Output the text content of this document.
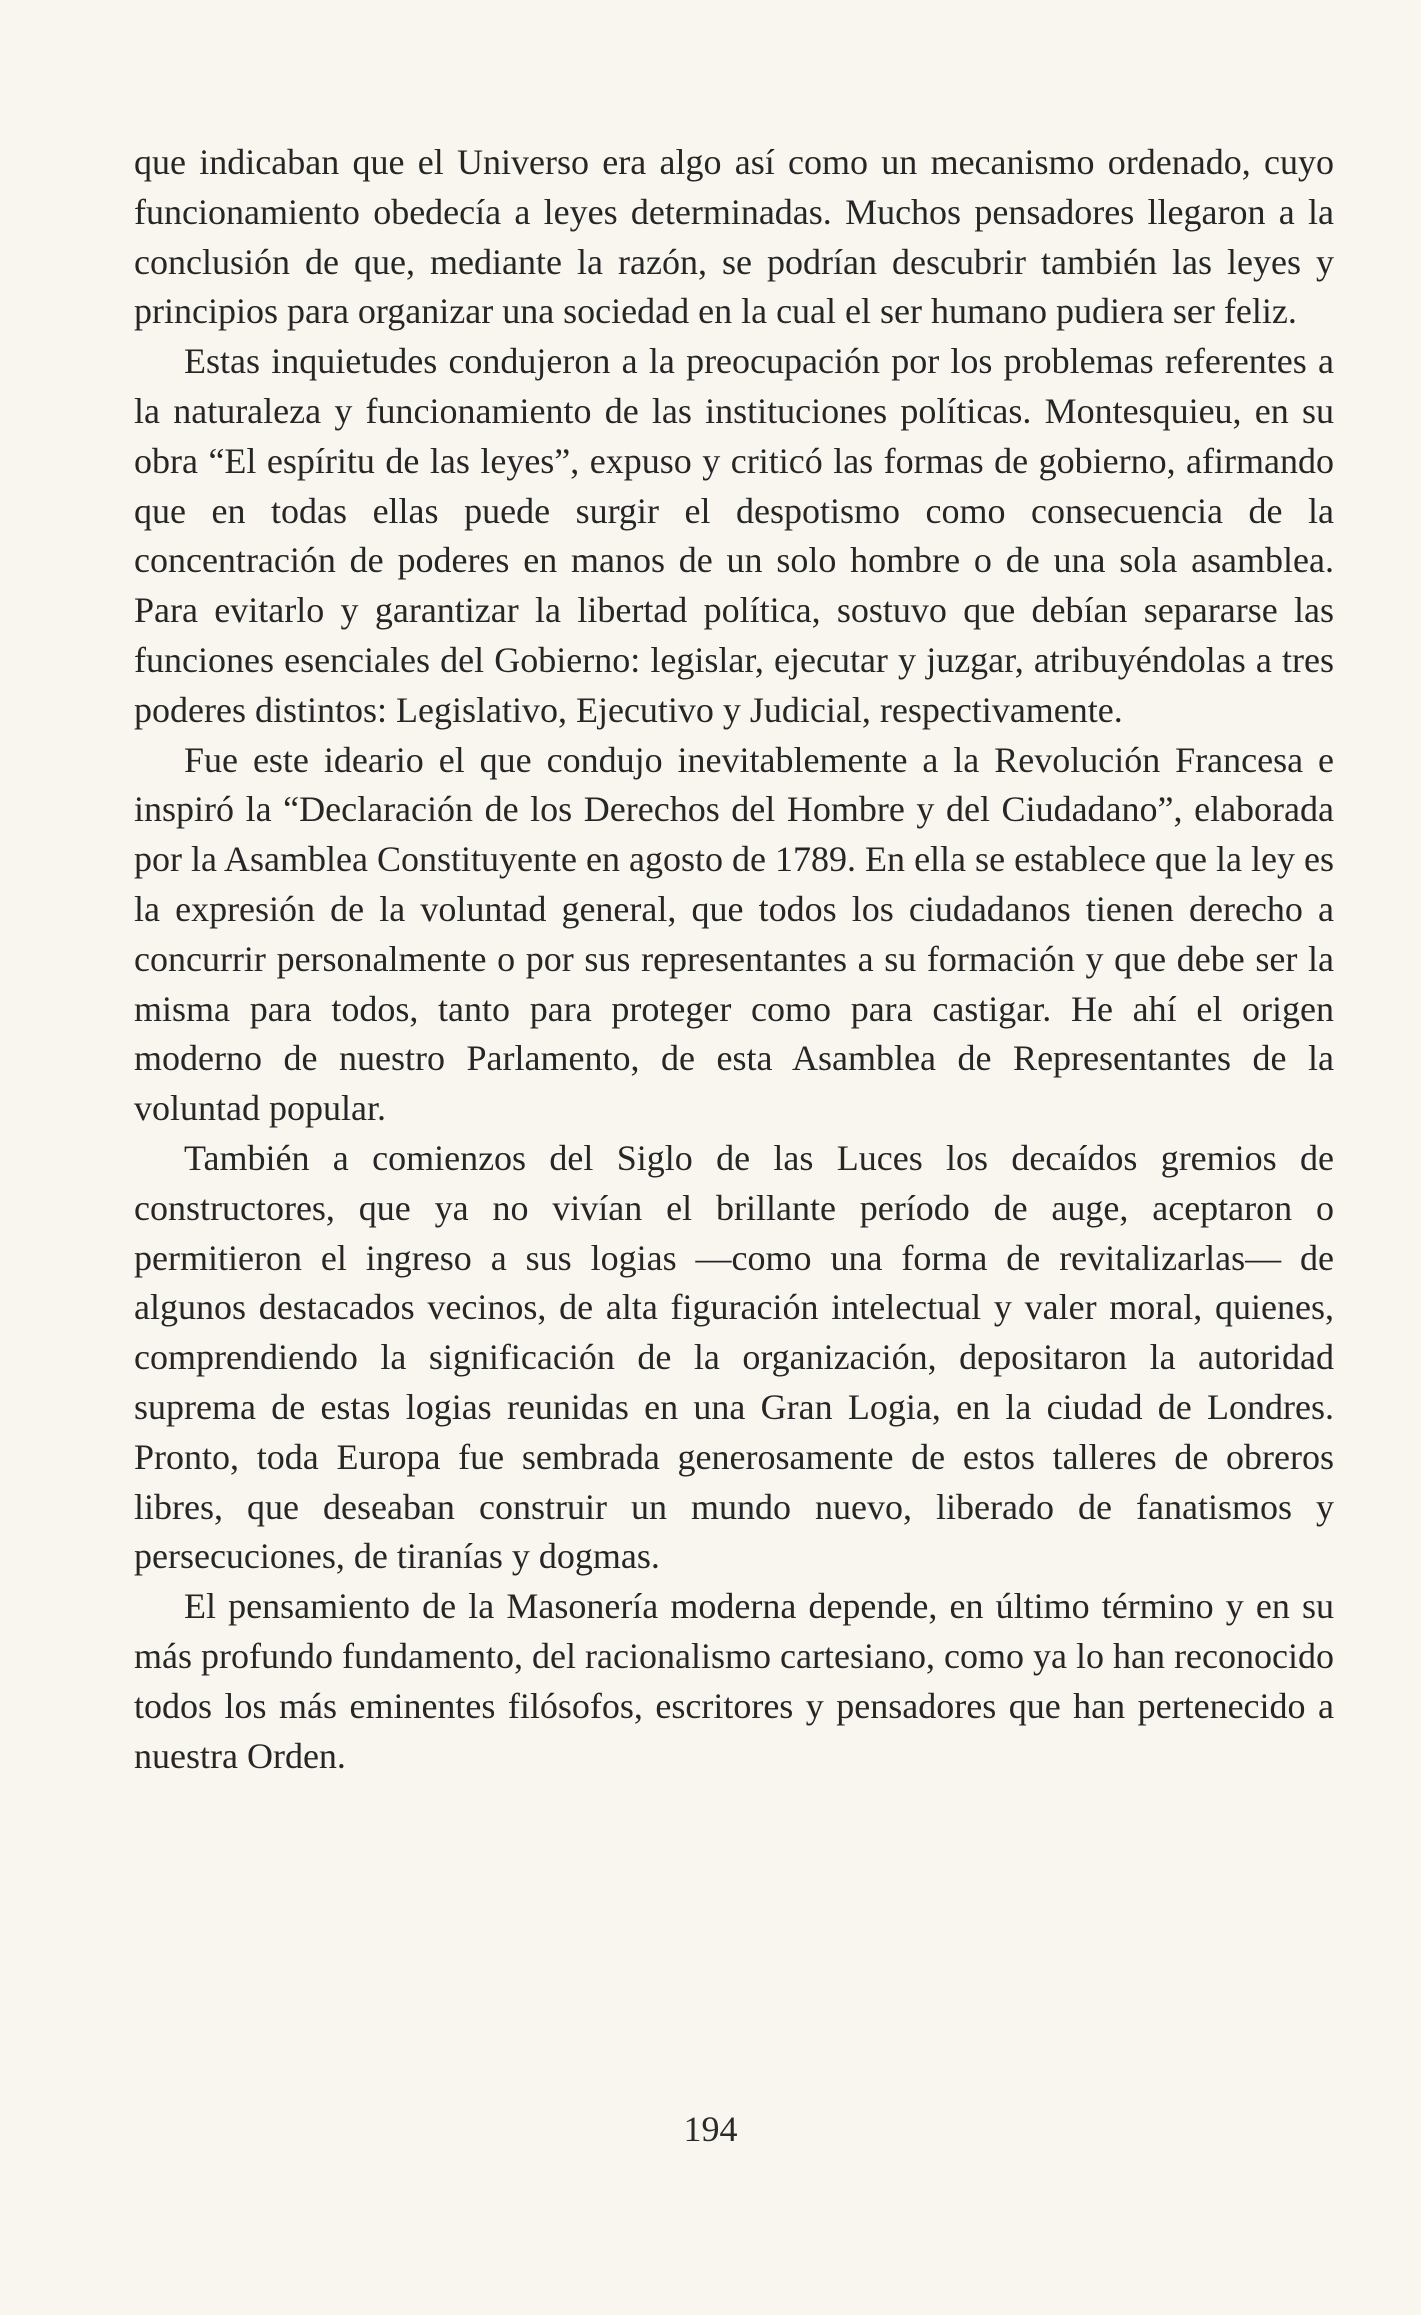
que indicaban que el Universo era algo así como un mecanismo ordenado, cuyo funcionamiento obedecía a leyes determinadas. Muchos pensadores llegaron a la conclusión de que, mediante la razón, se podrían descubrir también las leyes y principios para organizar una sociedad en la cual el ser humano pudiera ser feliz.

Estas inquietudes condujeron a la preocupación por los problemas referentes a la naturaleza y funcionamiento de las instituciones políticas. Montesquieu, en su obra “El espíritu de las leyes”, expuso y criticó las formas de gobierno, afirmando que en todas ellas puede surgir el despotismo como consecuencia de la concentración de poderes en manos de un solo hombre o de una sola asamblea. Para evitarlo y garantizar la libertad política, sostuvo que debían separarse las funciones esenciales del Gobierno: legislar, ejecutar y juzgar, atribuyéndolas a tres poderes distintos: Legislativo, Ejecutivo y Judicial, respectivamente.

Fue este ideario el que condujo inevitablemente a la Revolución Francesa e inspiró la “Declaración de los Derechos del Hombre y del Ciudadano”, elaborada por la Asamblea Constituyente en agosto de 1789. En ella se establece que la ley es la expresión de la voluntad general, que todos los ciudadanos tienen derecho a concurrir personalmente o por sus representantes a su formación y que debe ser la misma para todos, tanto para proteger como para castigar. He ahí el origen moderno de nuestro Parlamento, de esta Asamblea de Representantes de la voluntad popular.

También a comienzos del Siglo de las Luces los decaídos gremios de constructores, que ya no vivían el brillante período de auge, aceptaron o permitieron el ingreso a sus logias —como una forma de revitalizarlas— de algunos destacados vecinos, de alta figuración intelectual y valer moral, quienes, comprendiendo la significación de la organización, depositaron la autoridad suprema de estas logias reunidas en una Gran Logia, en la ciudad de Londres. Pronto, toda Europa fue sembrada generosamente de estos talleres de obreros libres, que deseaban construir un mundo nuevo, liberado de fanatismos y persecuciones, de tiranías y dogmas.

El pensamiento de la Masonería moderna depende, en último término y en su más profundo fundamento, del racionalismo cartesiano, como ya lo han reconocido todos los más eminentes filósofos, escritores y pensadores que han pertenecido a nuestra Orden.

194
